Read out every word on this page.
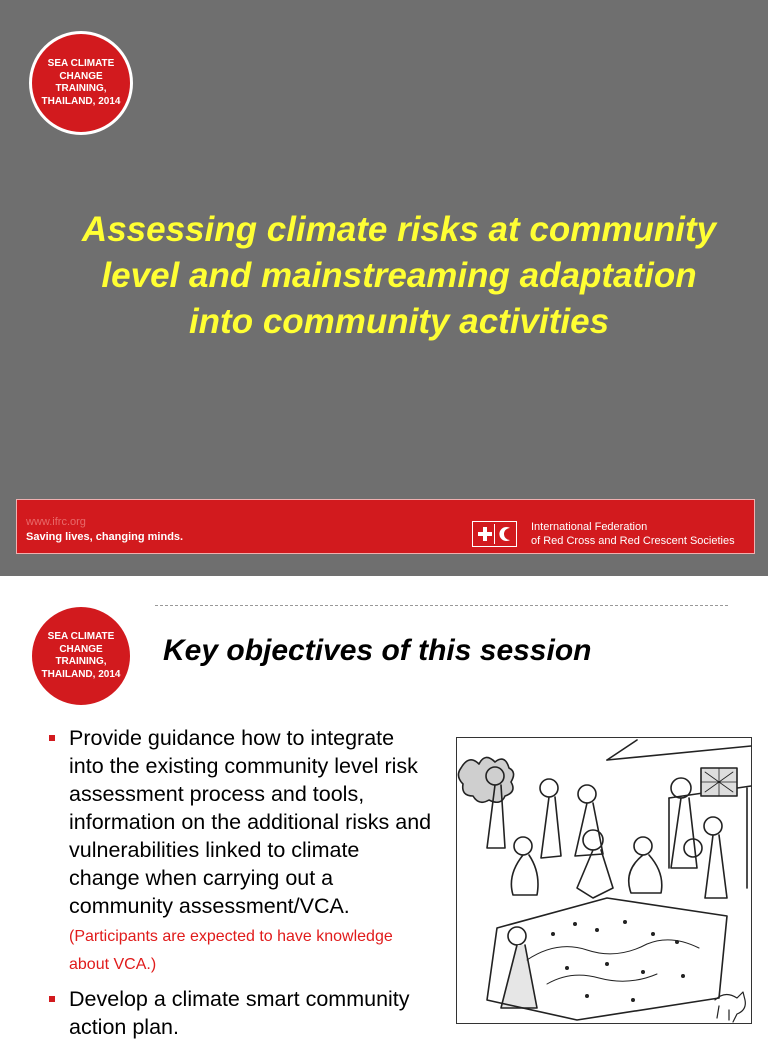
SEA CLIMATE
CHANGE
TRAINING,
THAILAND, 2014
Assessing climate risks at community
level and mainstreaming adaptation
into community activities
www.ifrc.org
Saving lives, changing minds.
International Federation
of Red Cross and Red Crescent Societies
SEA CLIMATE
CHANGE
TRAINING,
THAILAND, 2014
Key objectives of this session
Provide guidance how to integrate into the existing community level risk assessment process and tools, information on the additional risks and vulnerabilities linked to climate change when carrying out a community assessment/VCA. (Participants are expected to have knowledge about VCA.)
Develop a climate smart community action plan.
